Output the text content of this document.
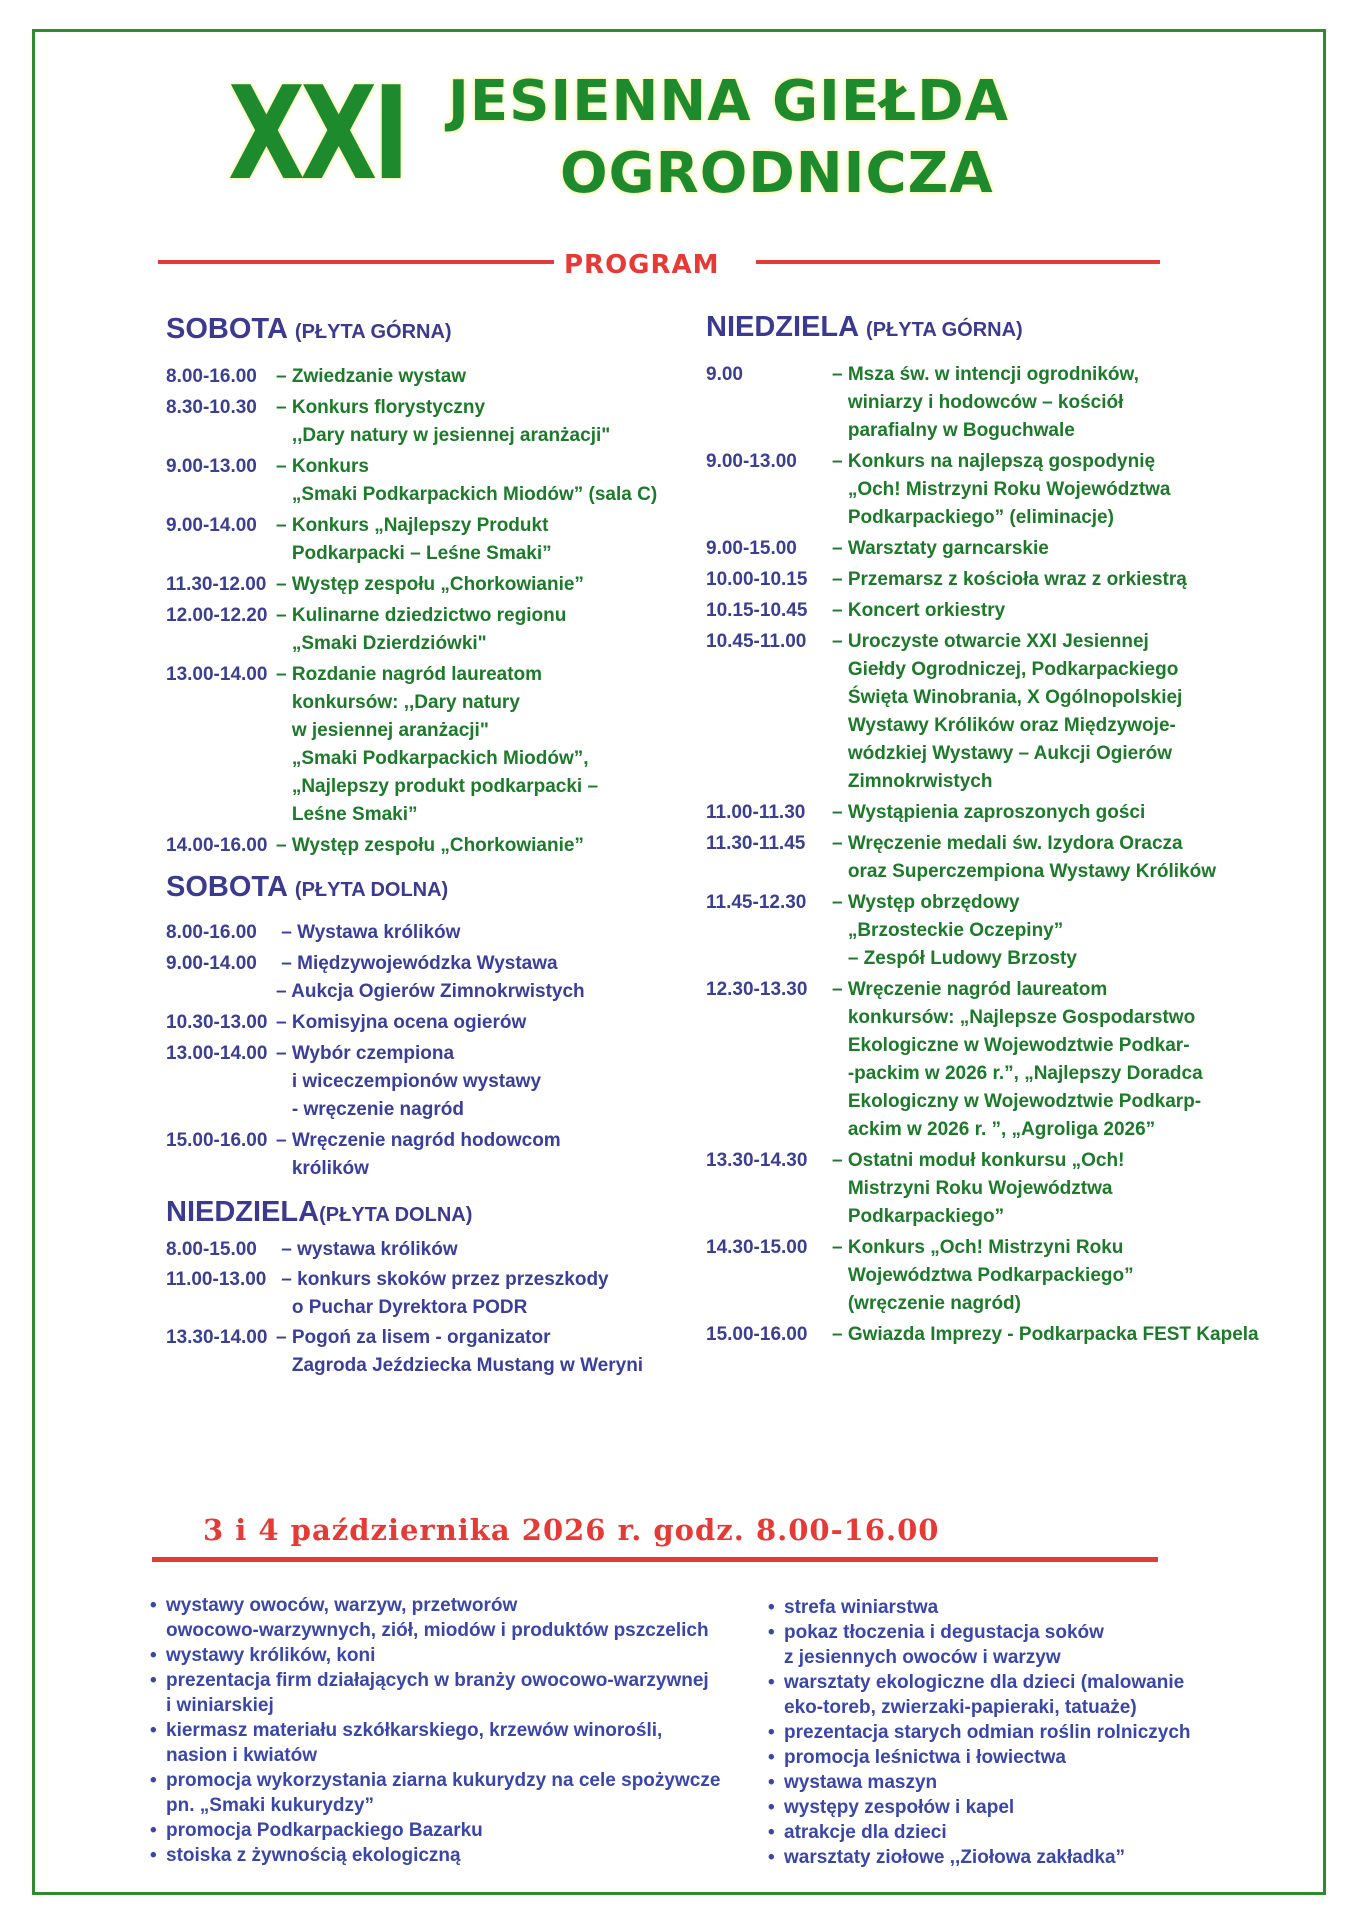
XXI JESIENNA GIEŁDA
OGRODNICZA
PROGRAM
SOBOTA (PŁYTA GÓRNA)
8.00-16.00	– Zwiedzanie wystaw
8.30-10.30	– Konkurs florystyczny
,,Dary natury w jesiennej aranżacji"
9.00-13.00	– Konkurs
„Smaki Podkarpackich Miodów” (sala C)
9.00-14.00	– Konkurs „Najlepszy Produkt
Podkarpacki – Leśne Smaki”
11.30-12.00 – Występ zespołu „Chorkowianie”
12.00-12.20 – Kulinarne dziedzictwo regionu
„Smaki Dzierdziówki"
13.00-14.00 – Rozdanie nagród laureatom
konkursów: ,,Dary natury
w jesiennej aranżacji"
„Smaki Podkarpackich Miodów”,
„Najlepszy produkt podkarpacki –
Leśne Smaki”
14.00-16.00 – Występ zespołu „Chorkowianie”
SOBOTA (PŁYTA DOLNA)
8.00-16.00	– Wystawa królików
9.00-14.00	– Międzywojewódzka Wystawa
– Aukcja Ogierów Zimnokrwistych
10.30-13.00 – Komisyjna ocena ogierów
13.00-14.00 – Wybór czempiona
i wiceczempionów wystawy
- wręczenie nagród
15.00-16.00 – Wręczenie nagród hodowcom
królików
NIEDZIELA(PŁYTA DOLNA)
8.00-15.00	– wystawa królików
11.00-13.00 – konkurs skoków przez przeszkody
o Puchar Dyrektora PODR
13.30-14.00 – Pogoń za lisem - organizator
Zagroda Jeździecka Mustang w Weryni
NIEDZIELA (PŁYTA GÓRNA)
9.00	– Msza św. w intencji ogrodników,
winiarzy i hodowców – kościół
parafialny w Boguchwale
9.00-13.00	– Konkurs na najlepszą gospodynię
„Och! Mistrzyni Roku Województwa
Podkarpackiego” (eliminacje)
9.00-15.00	– Warsztaty garncarskie
10.00-10.15	– Przemarsz z kościoła wraz z orkiestrą
10.15-10.45	– Koncert orkiestry
10.45-11.00	– Uroczyste otwarcie XXI Jesiennej
Giełdy Ogrodniczej, Podkarpackiego
Święta Winobrania, X Ogólnopolskiej
Wystawy Królików oraz Międzywoje-
wódzkiej Wystawy – Aukcji Ogierów
Zimnokrwistych
11.00-11.30	– Wystąpienia zaproszonych gości
11.30-11.45	– Wręczenie medali św. Izydora Oracza
oraz Superczempiona Wystawy Królików
11.45-12.30	– Występ obrzędowy
„Brzosteckie Oczepiny”
– Zespół Ludowy Brzosty
12.30-13.30	– Wręczenie nagród laureatom
konkursów: „Najlepsze Gospodarstwo
Ekologiczne w Wojewodztwie Podkar-
-packim w 2026 r.”, „Najlepszy Doradca
Ekologiczny w Wojewodztwie Podkarp-
ackim w 2026 r. ”, „Agroliga 2026”
13.30-14.30	– Ostatni moduł konkursu „Och!
Mistrzyni Roku Województwa
Podkarpackiego”
14.30-15.00	– Konkurs „Och! Mistrzyni Roku
Województwa Podkarpackiego”
(wręczenie nagród)
15.00-16.00	– Gwiazda Imprezy - Podkarpacka FEST Kapela
3 i 4 października 2026 r. godz. 8.00-16.00
• wystawy owoców, warzyw, przetworów
owocowo-warzywnych, ziół, miodów i produktów pszczelich
• wystawy królików, koni
• prezentacja firm działających w branży owocowo-warzywnej
i winiarskiej
• kiermasz materiału szkółkarskiego, krzewów winorośli,
nasion i kwiatów
• promocja wykorzystania ziarna kukurydzy na cele spożywcze
pn. „Smaki kukurydzy”
• promocja Podkarpackiego Bazarku
• stoiska z żywnością ekologiczną
• strefa winiarstwa
• pokaz tłoczenia i degustacja soków
z jesiennych owoców i warzyw
• warsztaty ekologiczne dla dzieci (malowanie
eko-toreb, zwierzaki-papieraki, tatuaże)
• prezentacja starych odmian roślin rolniczych
• promocja leśnictwa i łowiectwa
• wystawa maszyn
• występy zespołów i kapel
• atrakcje dla dzieci
• warsztaty ziołowe ,,Ziołowa zakładka”
